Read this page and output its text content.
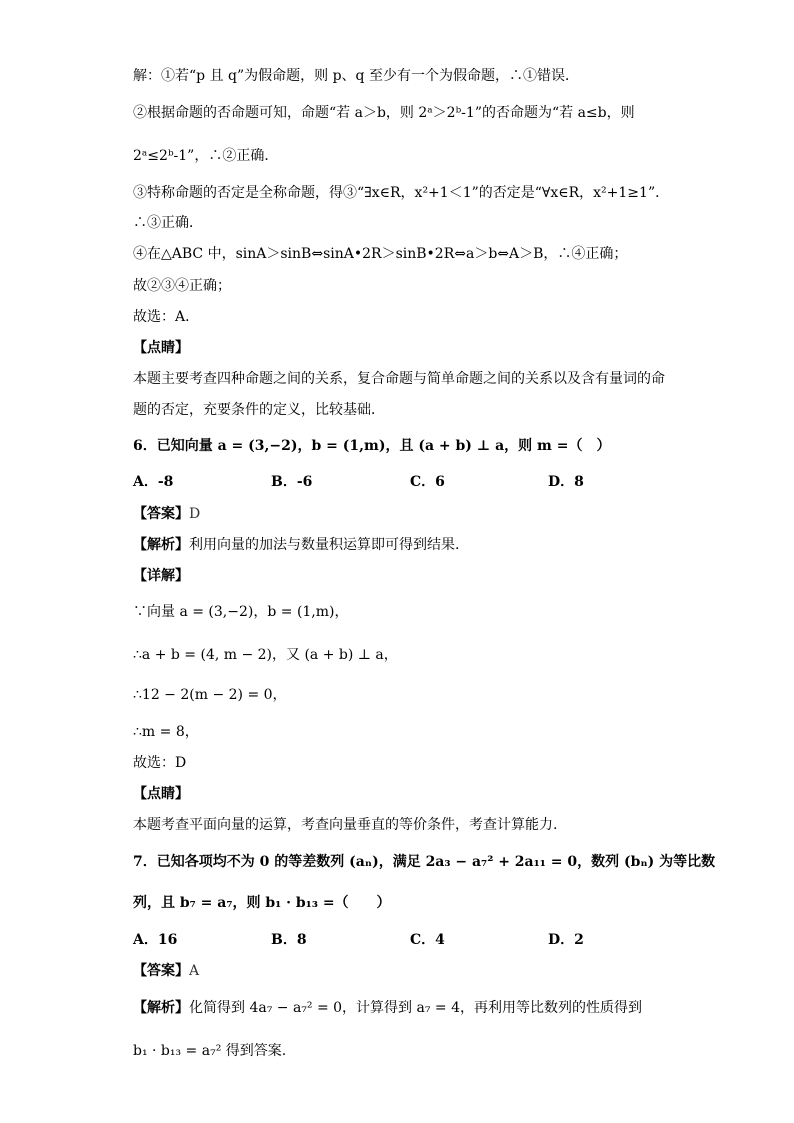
解：①若“p 且 q”为假命题，则 p、q 至少有一个为假命题，∴①错误．
②根据命题的否命题可知，命题“若 a＞b，则 2ᵃ＞2ᵇ-1”的否命题为“若 a≤b，则
2ᵃ≤2ᵇ-1”，∴②正确．
③特称命题的否定是全称命题，得③“∃x∈R，x²+1＜1”的否定是“∀x∈R，x²+1≥1”．
∴③正确．
④在△ABC 中，sinA＞sinB⇔sinA•2R＞sinB•2R⇔a＞b⇔A＞B，∴④正确；
故②③④正确；
故选：A．
【点睛】
本题主要考查四种命题之间的关系，复合命题与简单命题之间的关系以及含有量词的命
题的否定，充要条件的定义，比较基础．
6．已知向量 a = (3,−2)，b = (1,m)，且 (a + b) ⊥ a，则 m =（　）
A．-8	B．-6	C．6	D．8
【答案】D
【解析】利用向量的加法与数量积运算即可得到结果.
【详解】
∵向量 a = (3,−2)，b = (1,m)，
∴a + b = (4, m − 2)，又 (a + b) ⊥ a，
∴12 − 2(m − 2) = 0，
∴m = 8，
故选：D
【点睛】
本题考查平面向量的运算，考查向量垂直的等价条件，考查计算能力.
7．已知各项均不为 0 的等差数列 (aₙ)，满足 2a₃ − a₇² + 2a₁₁ = 0，数列 (bₙ) 为等比数
列，且 b₇ = a₇，则 b₁ · b₁₃ =（　　）
A．16	B．8	C．4	D．2
【答案】A
【解析】化简得到 4a₇ − a₇² = 0，计算得到 a₇ = 4，再利用等比数列的性质得到
b₁ · b₁₃ = a₇² 得到答案.
